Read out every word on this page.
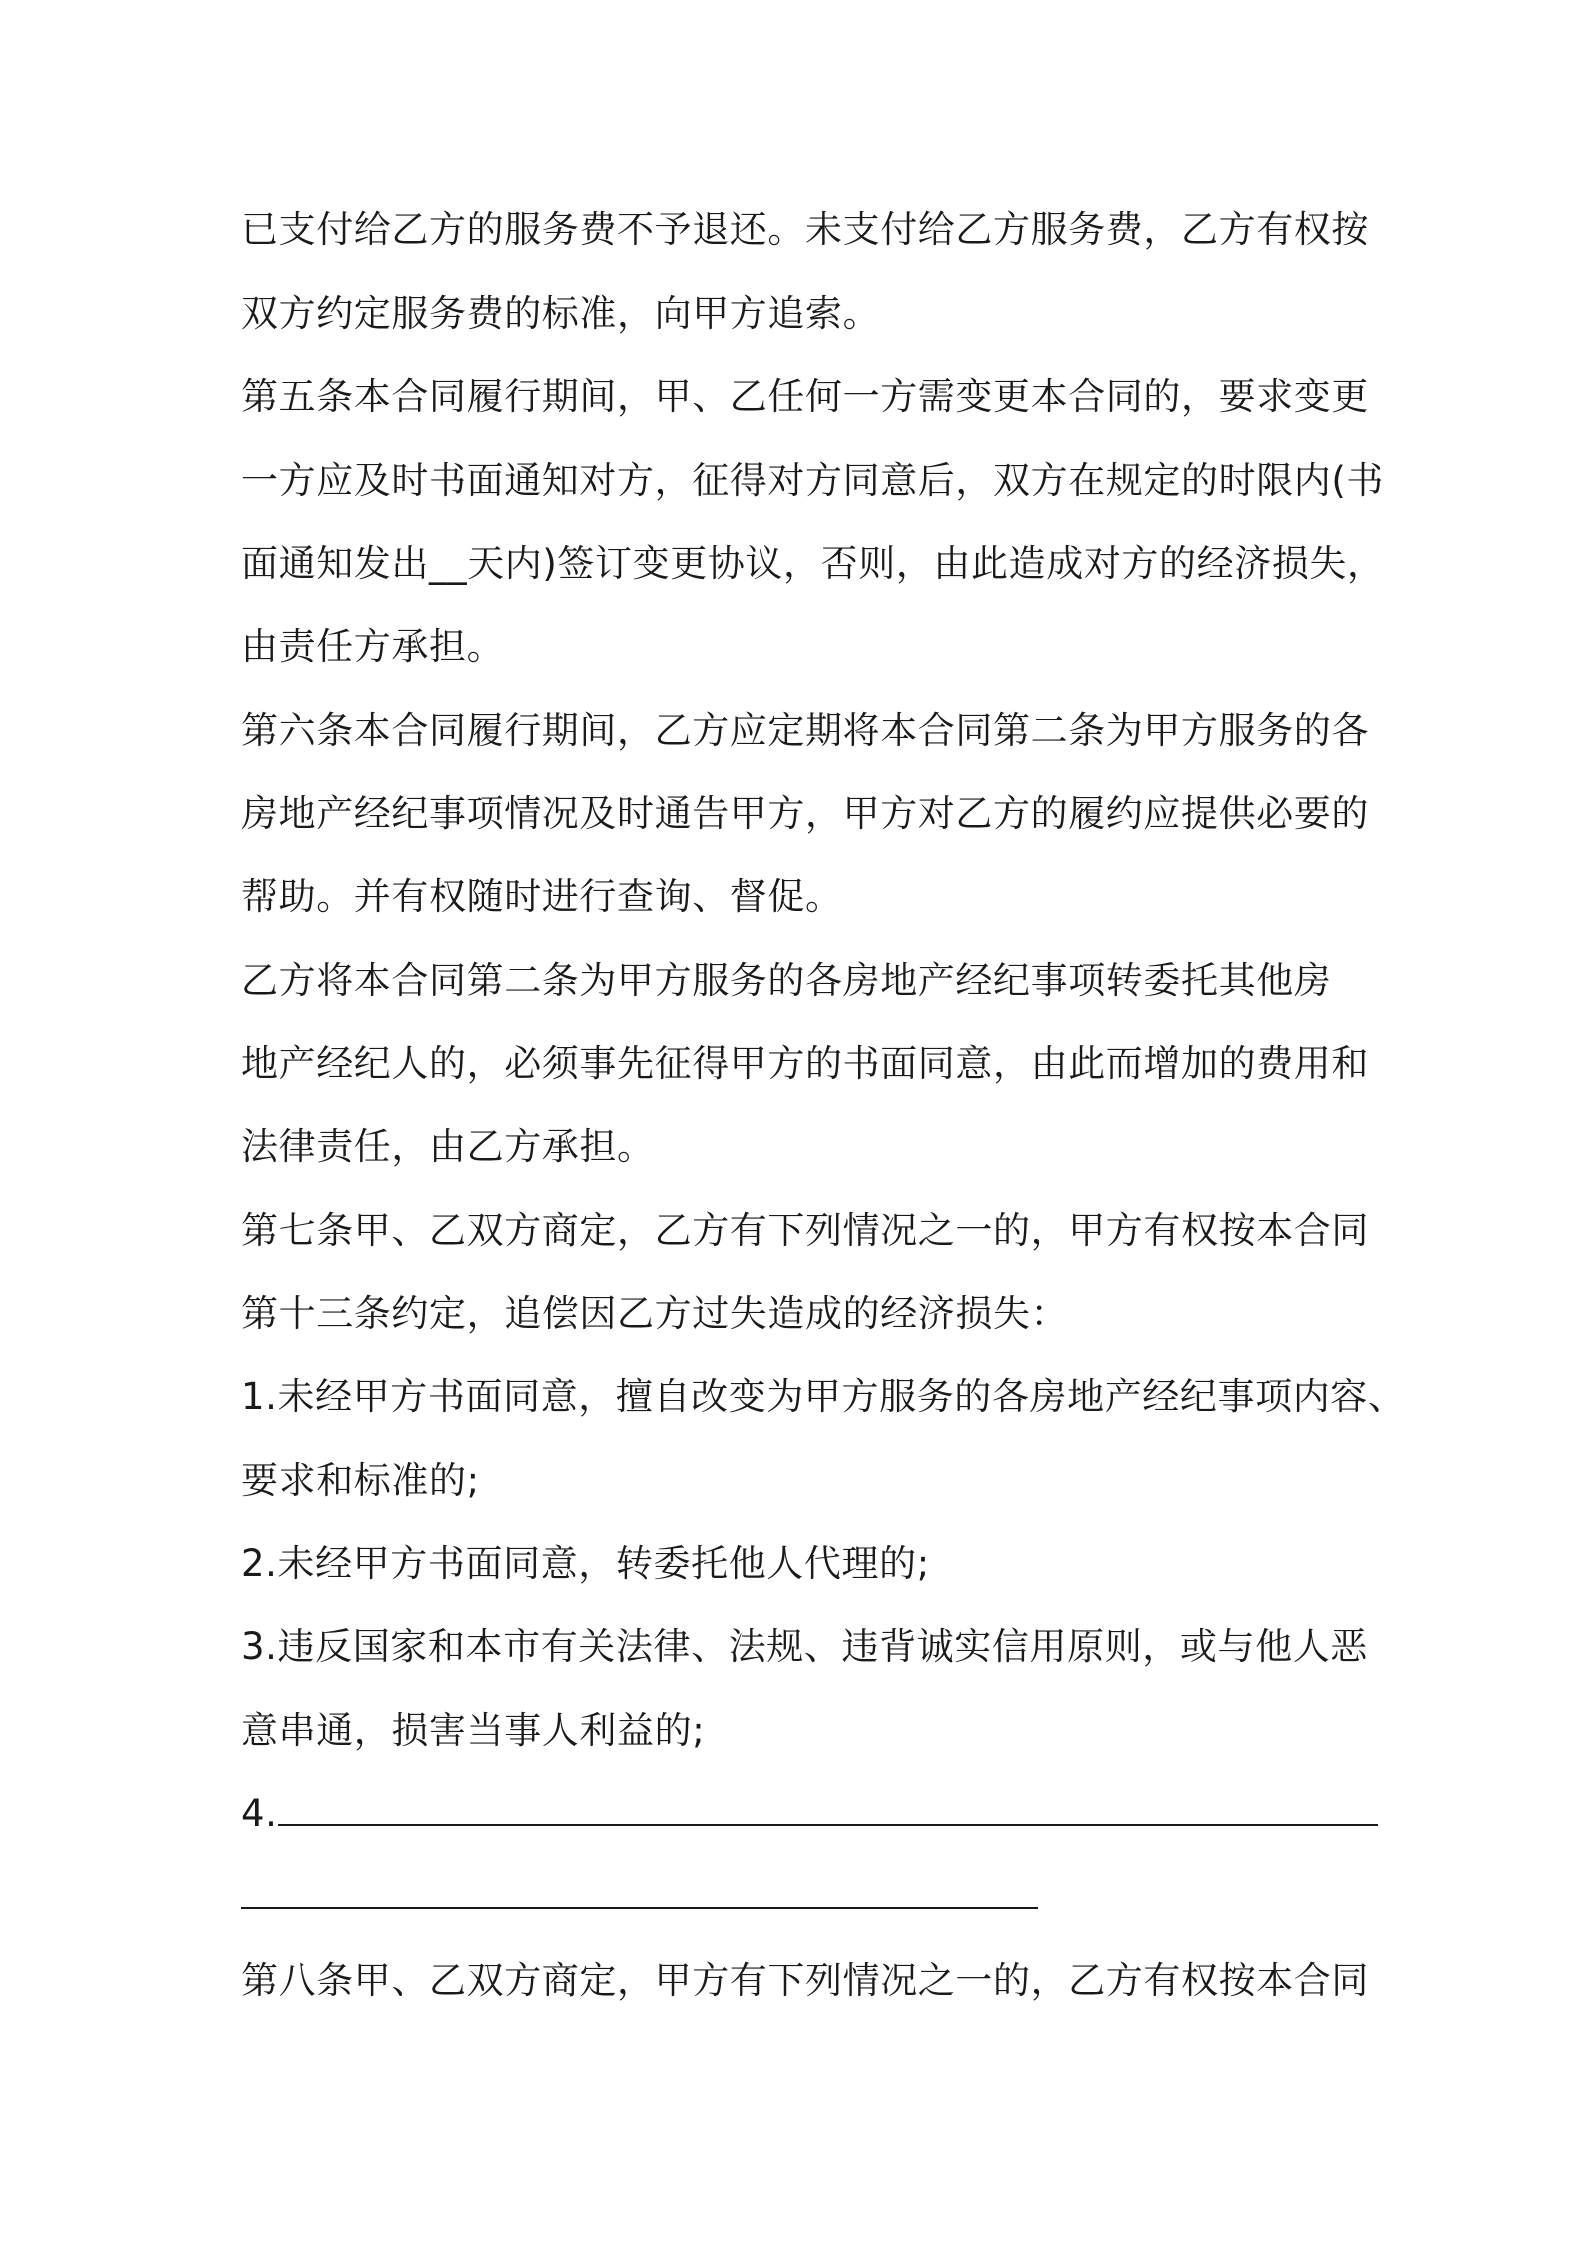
已支付给乙方的服务费不予退还。未支付给乙方服务费，乙方有权按
双方约定服务费的标准，向甲方追索。
第五条本合同履行期间，甲、乙任何一方需变更本合同的，要求变更
一方应及时书面通知对方，征得对方同意后，双方在规定的时限内(书
面通知发出__天内)签订变更协议，否则，由此造成对方的经济损失，
由责任方承担。
第六条本合同履行期间，乙方应定期将本合同第二条为甲方服务的各
房地产经纪事项情况及时通告甲方，甲方对乙方的履约应提供必要的
帮助。并有权随时进行查询、督促。
乙方将本合同第二条为甲方服务的各房地产经纪事项转委托其他房
地产经纪人的，必须事先征得甲方的书面同意，由此而增加的费用和
法律责任，由乙方承担。
第七条甲、乙双方商定，乙方有下列情况之一的，甲方有权按本合同
第十三条约定，追偿因乙方过失造成的经济损失：
1.未经甲方书面同意，擅自改变为甲方服务的各房地产经纪事项内容、
要求和标准的;
2.未经甲方书面同意，转委托他人代理的;
3.违反国家和本市有关法律、法规、违背诚实信用原则，或与他人恶
意串通，损害当事人利益的;
4.
第八条甲、乙双方商定，甲方有下列情况之一的，乙方有权按本合同
